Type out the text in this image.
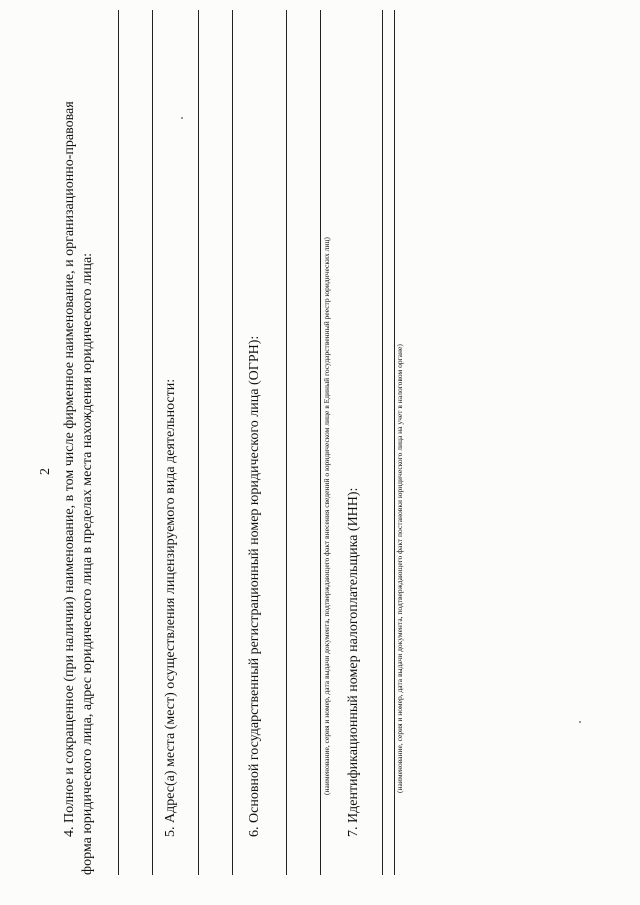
2 4. Полное и сокращенное (при наличии) наименование, в том числе фирменное наименование, и организационно-правовая форма юридического лица, адрес юридического лица в пределах места нахождения юридического лица:	5. Адрес(а) места (мест) осуществления лицензируемого вида деятельности:	6. Основной государственный регистрационный номер юридического лица (ОГРН):	(наименование, серия и номер, дата выдачи документа, подтверждающего факт внесения сведений о юридическом лице в Единый государственный реестр юридических лиц) 7. Идентификационный номер налогоплательщика (ИНН):	(наименование, серия и номер, дата выдачи документа, подтверждающего факт постановки юридического лица на учет в налоговом органе)
